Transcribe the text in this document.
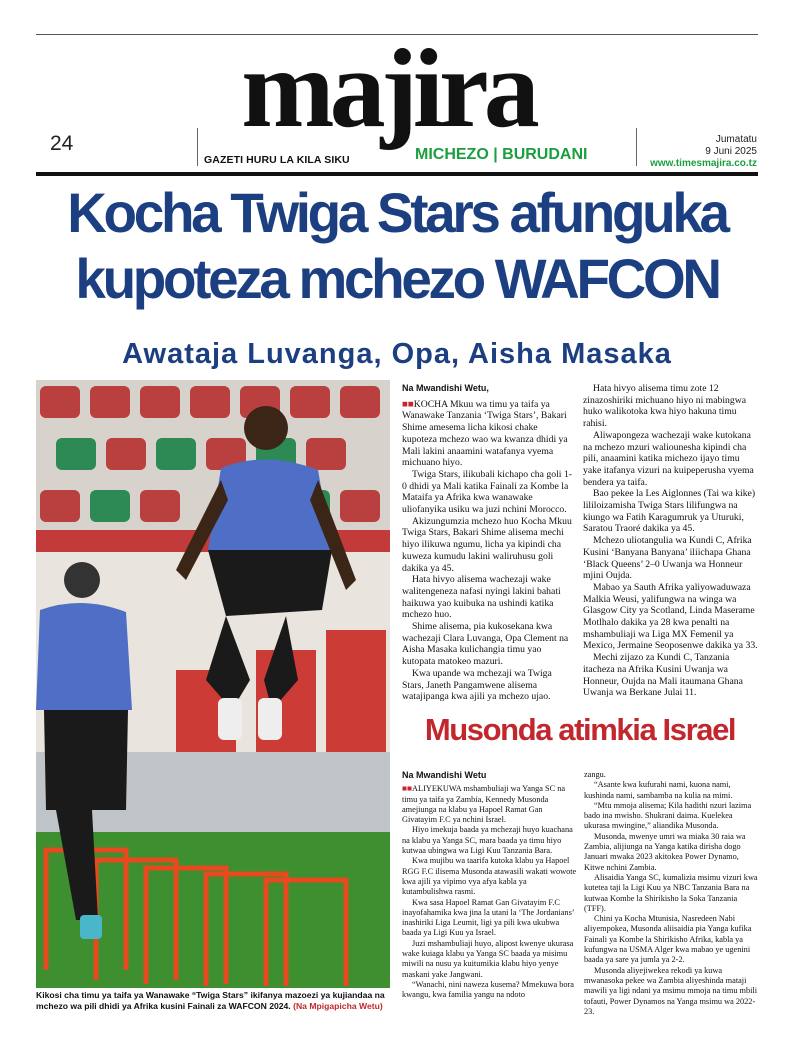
24 majira
GAZETI HURU LA KILA SIKU	MICHEZO | BURUDANI
Jumatatu
9 Juni 2025
www.timesmajira.co.tz
Kocha Twiga Stars afunguka
kupoteza mchezo WAFCON
Awataja Luvanga, Opa, Aisha Masaka
Kikosi cha timu ya taifa ya Wanawake “Twiga Stars” ikifanya mazoezi ya kujiandaa na mchezo wa pili dhidi ya Afrika kusini Fainali za WAFCON 2024. (Na Mpigapicha Wetu)
Na Mwandishi Wetu,

■■KOCHA Mkuu wa timu ya taifa ya Wanawake Tanzania ‘Twiga Stars’, Bakari Shime amesema licha kikosi chake kupoteza mchezo wao wa kwanza dhidi ya Mali lakini anaamini watafanya vyema michuano hiyo.

Twiga Stars, ilikubali kichapo cha goli 1-0 dhidi ya Mali katika Fainali za Kombe la Mataifa ya Afrika kwa wanawake uliofanyika usiku wa juzi nchini Morocco.

Akizungumzia mchezo huo Kocha Mkuu Twiga Stars, Bakari Shime alisema mechi hiyo ilikuwa ngumu, licha ya kipindi cha kuweza kumudu lakini waliruhusu goli dakika ya 45.

Hata hivyo alisema wachezaji wake walitengeneza nafasi nyingi lakini bahati haikuwa yao kuibuka na ushindi katika mchezo huo.

Shime alisema, pia kukosekana kwa wachezaji Clara Luvanga, Opa Clement na Aisha Masaka kulichangia timu yao kutopata matokeo mazuri.

Kwa upande wa mchezaji wa Twiga Stars, Janeth Pangamwene alisema watajipanga kwa ajili ya mchezo ujao.

Hata hivyo alisema timu zote 12 zinazoshiriki michuano hiyo ni mabingwa huko walikotoka kwa hiyo hakuna timu rahisi.

Aliwapongeza wachezaji wake kutokana na mchezo mzuri waliounesha kipindi cha pili, anaamini katika michezo ijayo timu yake itafanya vizuri na kuipeperusha vyema bendera ya taifa.

Bao pekee la Les Aiglonnes (Tai wa kike) lililoizamisha Twiga Stars lilifungwa na kiungo wa Fatih Karagumruk ya Uturuki, Saratou Traoré dakika ya 45.

Mchezo uliotangulia wa Kundi C, Afrika Kusini ‘Banyana Banyana’ iliichapa Ghana ‘Black Queens’ 2–0 Uwanja wa Honneur mjini Oujda.

Mabao ya Sauth Afrika yaliyowaduwaza Malkia Weusi, yalifungwa na winga wa Glasgow City ya Scotland, Linda Maserame Motlhalo dakika ya 28 kwa penalti na mshambuliaji wa Liga MX Femenil ya Mexico, Jermaine Seoposenwe dakika ya 33.

Mechi zijazo za Kundi C, Tanzania itacheza na Afrika Kusini Uwanja wa Honneur, Oujda na Mali itaumana Ghana Uwanja wa Berkane Julai 11.

Musonda atimkia Israel
Na Mwandishi Wetu

■■ALIYEKUWA mshambuliaji wa Yanga SC na timu ya taifa ya Zambia, Kennedy Musonda amejiunga na klabu ya Hapoel Ramat Gan Givatayim F.C ya nchini Israel.

Hiyo imekuja baada ya mchezaji huyo kuachana na klabu ya Yanga SC, mara baada ya timu hiyo kutwaa ubingwa wa Ligi Kuu Tanzania Bara.

Kwa mujibu wa taarifa kutoka klabu ya Hapoel RGG F.C ilisema Musonda atawasili wakati wowote kwa ajili ya vipimo vya afya kabla ya kutambulishwa rasmi.

Kwa sasa Hapoel Ramat Gan Givatayim F.C inayofahamika kwa jina la utani la ‘The Jordanians’ inashiriki Liga Leumit, ligi ya pili kwa ukubwa baada ya Ligi Kuu ya Israel.

Juzi mshambuliaji huyo, alipost kwenye ukurasa wake kuiaga klabu ya Yanga SC baada ya misimu miwili na nusu ya kuitumikia klabu hiyo yenye maskani yake Jangwani.

“Wanachi, nini naweza kusema? Mmekuwa bora kwangu, kwa familia yangu na ndoto

zangu.

“Asante kwa kufurahi nami, kuona nami, kushinda nami, sambamba na kulia na mimi.

“Mtu mmoja alisema; Kila hadithi nzuri lazima bado ina mwisho. Shukrani daima. Kuelekea ukurasa mwingine,” aliandika Musonda.

Musonda, mwenye umri wa miaka 30 raia wa Zambia, alijiunga na Yanga katika dirisha dogo Januari mwaka 2023 akitokea Power Dynamo, Kitwe nchini Zambia.

Alisaidia Yanga SC, kumalizia msimu vizuri kwa kutetea taji la Ligi Kuu ya NBC Tanzania Bara na kutwaa Kombe la Shirikisho la Soka Tanzania (TFF).

Chini ya Kocha Mtunisia, Nasredeen Nabi aliyempokea, Musonda aliisaidia pia Yanga kufika Fainali ya Kombe la Shirikisho Afrika, kabla ya kufungwa na USMA Alger kwa mabao ye ugenini baada ya sare ya jumla ya 2-2.

Musonda aliyejiwekea rekodi ya kuwa mwanasoka pekee wa Zambia aliyeshinda mataji mawili ya ligi ndani ya msimu mmoja na timu mbili tofauti, Power Dynamos na Yanga msimu wa 2022-23.
